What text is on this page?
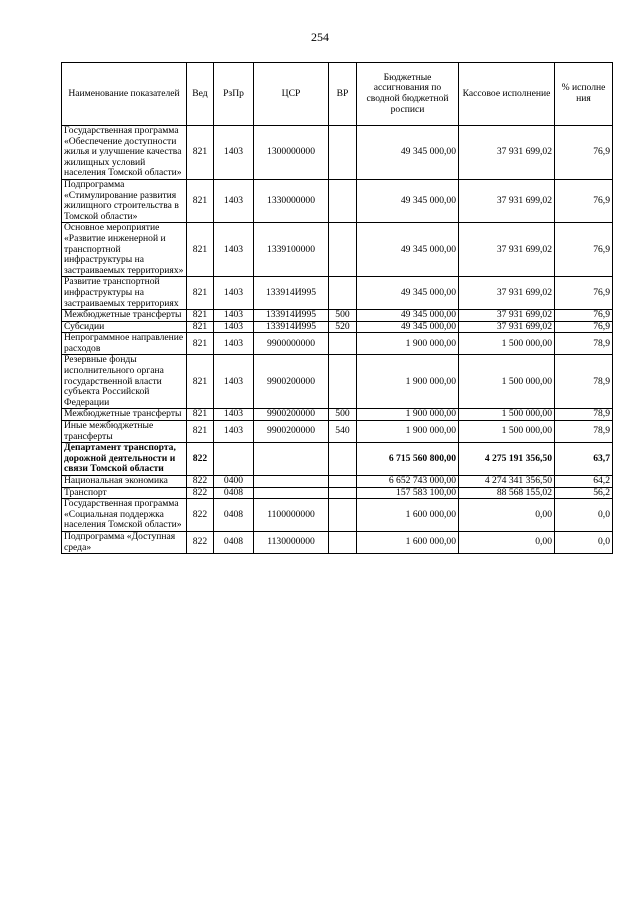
254
Наименование показателей	Вед	РзПр	ЦСР	ВР	Бюджетные ассигнования по сводной бюджетной росписи	Кассовое исполнение	% исполне ния
Государственная программа «Обеспечение доступности жилья и улучшение качества жилищных условий населения Томской области»	821	1403	1300000000		49 345 000,00	37 931 699,02	76,9
Подпрограмма «Стимулирование развития жилищного строительства в Томской области»	821	1403	1330000000		49 345 000,00	37 931 699,02	76,9
Основное мероприятие «Развитие инженерной и транспортной инфраструктуры на застраиваемых территориях»	821	1403	1339100000		49 345 000,00	37 931 699,02	76,9
Развитие транспортной инфраструктуры на застраиваемых территориях	821	1403	133914И995		49 345 000,00	37 931 699,02	76,9
Межбюджетные трансферты	821	1403	133914И995	500	49 345 000,00	37 931 699,02	76,9
Субсидии	821	1403	133914И995	520	49 345 000,00	37 931 699,02	76,9
Непрограммное направление расходов	821	1403	9900000000		1 900 000,00	1 500 000,00	78,9
Резервные фонды исполнительного органа государственной власти субъекта Российской Федерации	821	1403	9900200000		1 900 000,00	1 500 000,00	78,9
Межбюджетные трансферты	821	1403	9900200000	500	1 900 000,00	1 500 000,00	78,9
Иные межбюджетные трансферты	821	1403	9900200000	540	1 900 000,00	1 500 000,00	78,9
Департамент транспорта, дорожной деятельности и связи Томской области	822				6 715 560 800,00	4 275 191 356,50	63,7
Национальная экономика	822	0400			6 652 743 000,00	4 274 341 356,50	64,2
Транспорт	822	0408			157 583 100,00	88 568 155,02	56,2
Государственная программа «Социальная поддержка населения Томской области»	822	0408	1100000000		1 600 000,00	0,00	0,0
Подпрограмма «Доступная среда»	822	0408	1130000000		1 600 000,00	0,00	0,0
